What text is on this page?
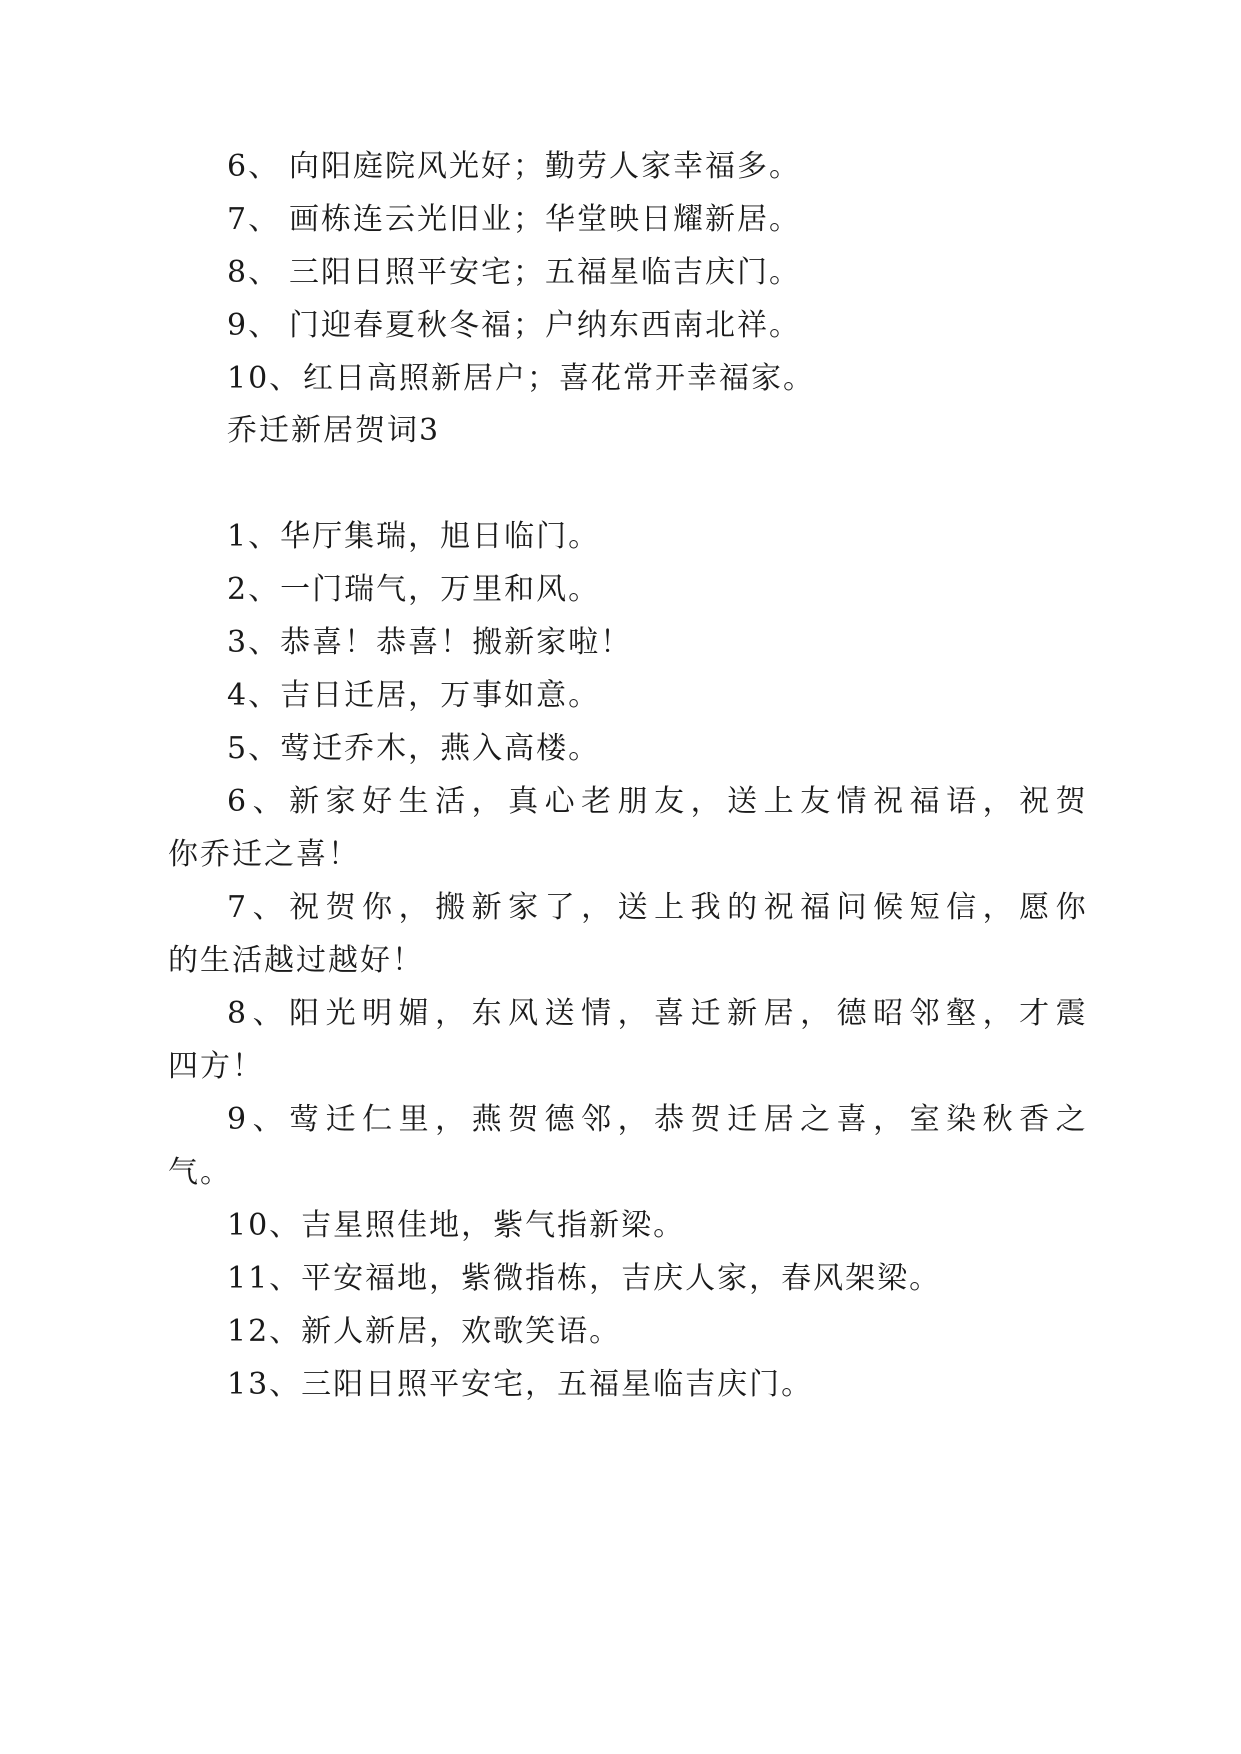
6、 向阳庭院风光好；勤劳人家幸福多。
7、 画栋连云光旧业；华堂映日耀新居。
8、 三阳日照平安宅；五福星临吉庆门。
9、 门迎春夏秋冬福；户纳东西南北祥。
10、红日高照新居户；喜花常开幸福家。
乔迁新居贺词3
1、华厅集瑞，旭日临门。
2、一门瑞气，万里和风。
3、恭喜！恭喜！搬新家啦！
4、吉日迁居，万事如意。
5、莺迁乔木，燕入高楼。
6、新家好生活，真心老朋友，送上友情祝福语，祝贺
你乔迁之喜！
7、祝贺你，搬新家了，送上我的祝福问候短信，愿你
的生活越过越好！
8、阳光明媚，东风送情，喜迁新居，德昭邻壑，才震
四方！
9、莺迁仁里，燕贺德邻，恭贺迁居之喜，室染秋香之
气。
10、吉星照佳地，紫气指新梁。
11、平安福地，紫微指栋，吉庆人家，春风架梁。
12、新人新居，欢歌笑语。
13、三阳日照平安宅，五福星临吉庆门。
